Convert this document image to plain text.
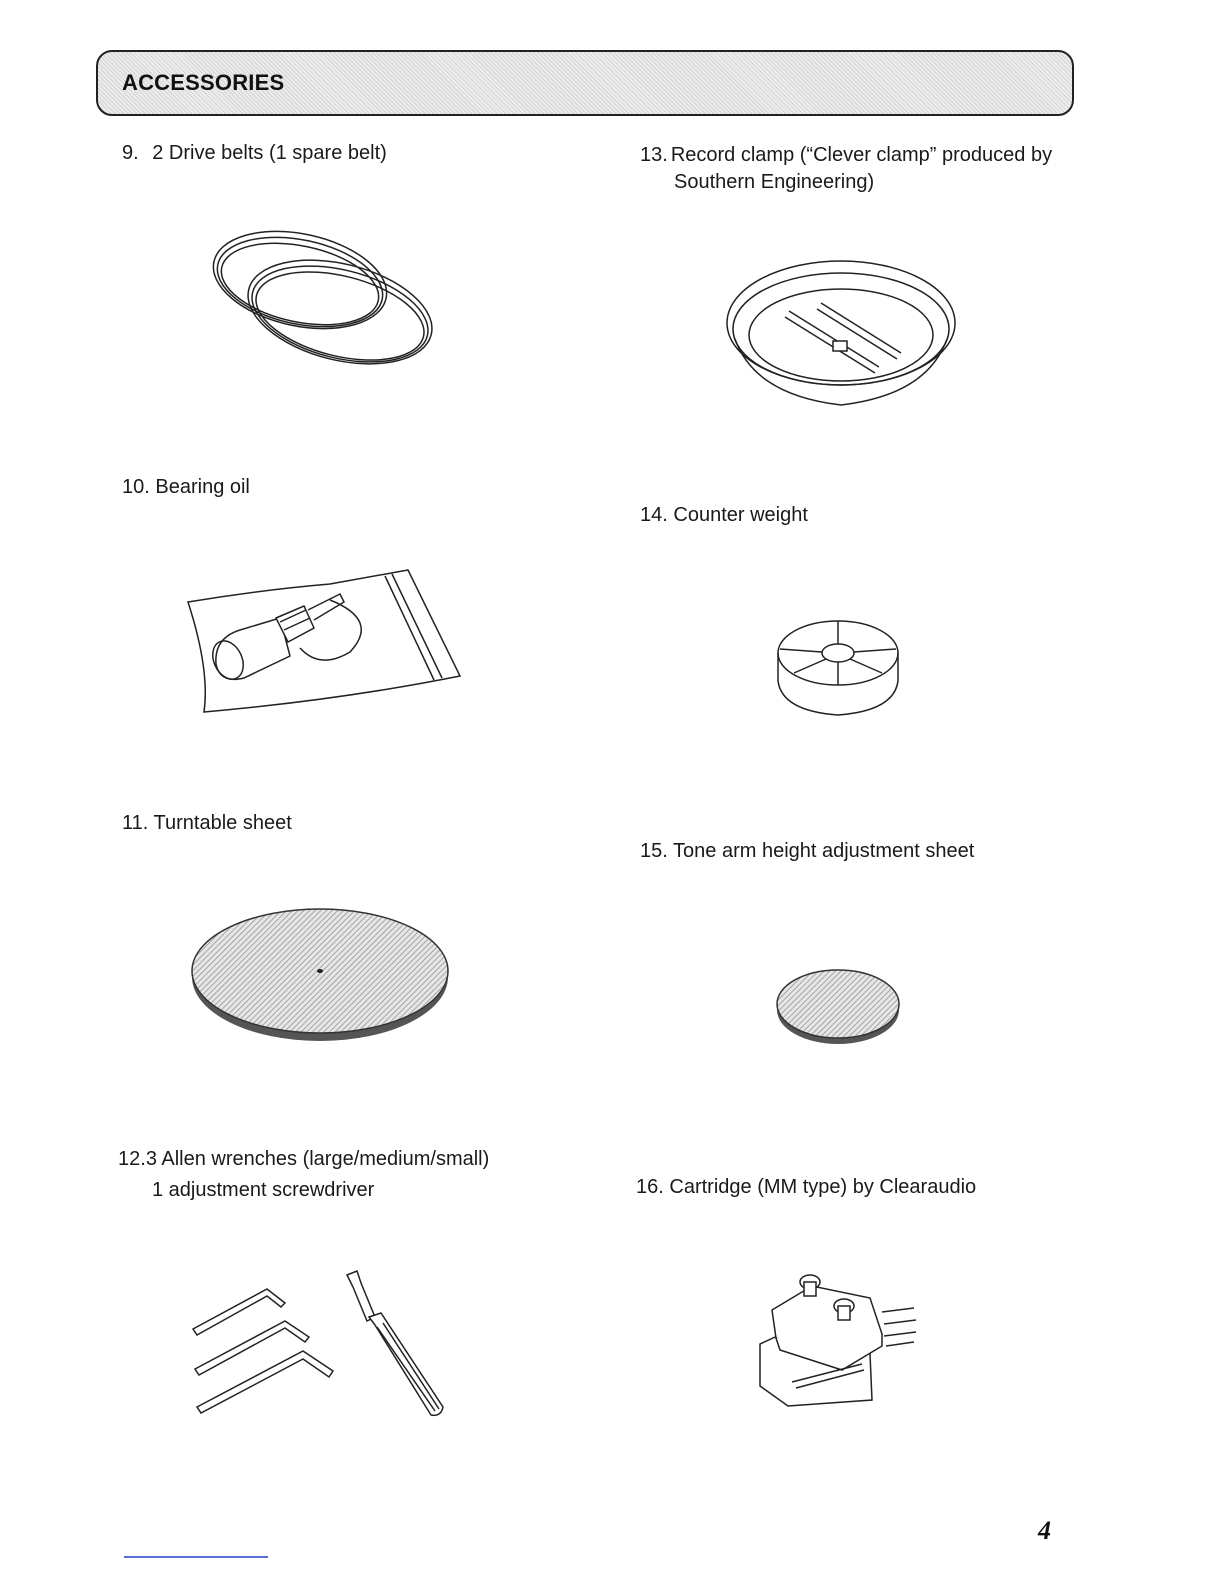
ACCESSORIES
9. 2 Drive belts (1 spare belt)
10. Bearing oil
11. Turntable sheet
12.3 Allen wrenches (large/medium/small)
1 adjustment screwdriver
13. Record clamp (“Clever clamp” produced by
Southern Engineering)
14. Counter weight
15. Tone arm height adjustment sheet
16. Cartridge (MM type) by Clearaudio
4
